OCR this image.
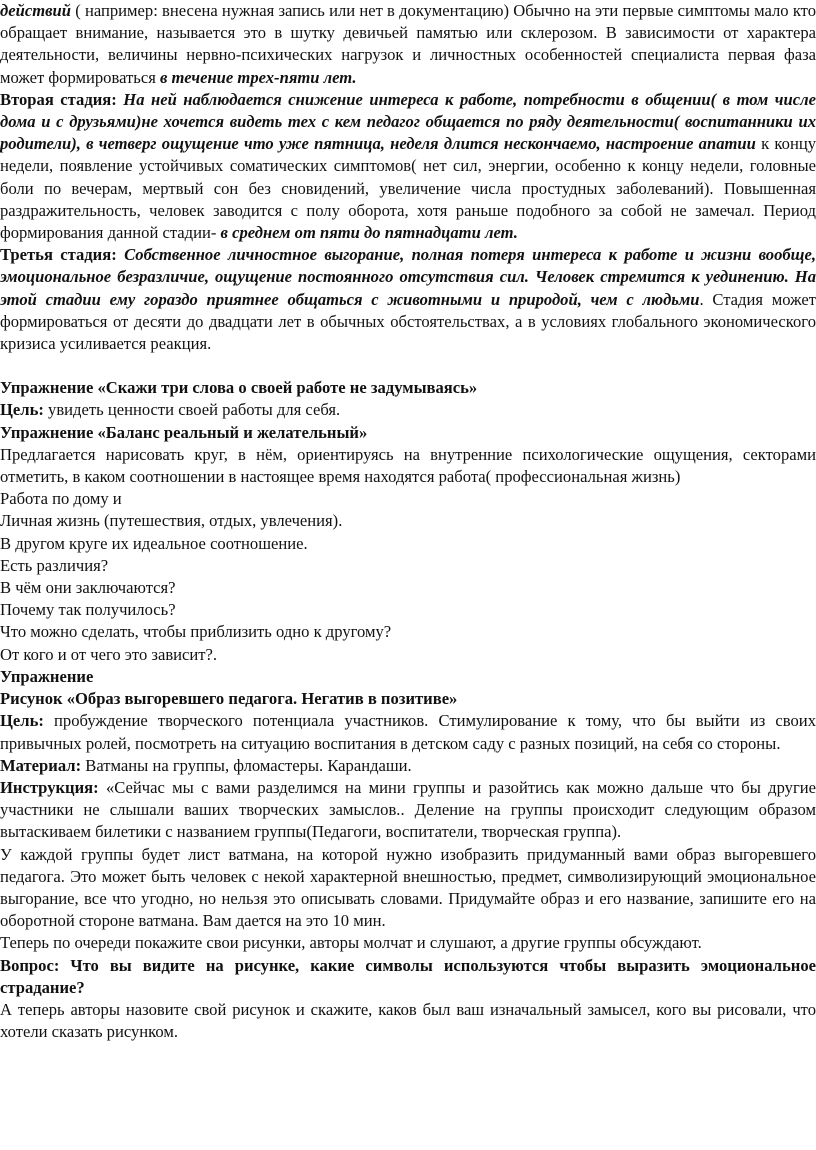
действий ( например: внесена нужная запись или нет в документацию) Обычно на эти первые симптомы мало кто обращает внимание, называется это в шутку девичьей памятью или склерозом. В зависимости от характера деятельности, величины нервно-психических нагрузок и личностных особенностей специалиста первая фаза может формироваться в течение трех-пяти лет.

Вторая стадия: На ней наблюдается снижение интереса к работе, потребности в общении( в том числе дома и с друзьями)не хочется видеть тех с кем педагог общается по ряду деятельности( воспитанники их родители), в четверг ощущение что уже пятница, неделя длится нескончаемо, настроение апатии к концу недели, появление устойчивых соматических симптомов( нет сил, энергии, особенно к концу недели, головные боли по вечерам, мертвый сон без сновидений, увеличение числа простудных заболеваний). Повышенная раздражительность, человек заводится с полу оборота, хотя раньше подобного за собой не замечал. Период формирования данной стадии- в среднем от пяти до пятнадцати лет.

Третья стадия: Собственное личностное выгорание, полная потеря интереса к работе и жизни вообще, эмоциональное безразличие, ощущение постоянного отсутствия сил. Человек стремится к уединению. На этой стадии ему гораздо приятнее общаться с животными и природой, чем с людьми. Стадия может формироваться от десяти до двадцати лет в обычных обстоятельствах, а в условиях глобального экономического кризиса усиливается реакция.

Упражнение «Скажи три слова о своей работе не задумываясь»

Цель: увидеть ценности своей работы для себя.

Упражнение «Баланс реальный и желательный»

Предлагается нарисовать круг, в нём, ориентируясь на внутренние психологические ощущения, секторами отметить, в каком соотношении в настоящее время находятся работа( профессиональная жизнь)

Работа по дому и

Личная жизнь (путешествия, отдых, увлечения).

В другом круге их идеальное соотношение.

Есть различия?

В чём они заключаются?

Почему так получилось?

Что можно сделать, чтобы приблизить одно к другому?

От кого и от чего это зависит?.

Упражнение

Рисунок «Образ выгоревшего педагога. Негатив в позитиве»

Цель: пробуждение творческого потенциала участников. Стимулирование к тому, что бы выйти из своих привычных ролей, посмотреть на ситуацию воспитания в детском саду с разных позиций, на себя со стороны.

Материал: Ватманы на группы, фломастеры. Карандаши.

Инструкция: «Сейчас мы с вами разделимся на мини группы и разойтись как можно дальше что бы другие участники не слышали ваших творческих замыслов.. Деление на группы происходит следующим образом вытаскиваем билетики с названием группы(Педагоги, воспитатели, творческая группа).

У каждой группы будет лист ватмана, на которой нужно изобразить придуманный вами образ выгоревшего педагога. Это может быть человек с некой характерной внешностью, предмет, символизирующий эмоциональное выгорание, все что угодно, но нельзя это описывать словами. Придумайте образ и его название, запишите его на оборотной стороне ватмана. Вам дается на это 10 мин.

Теперь по очереди покажите свои рисунки, авторы молчат и слушают, а другие группы обсуждают.

Вопрос: Что вы видите на рисунке, какие символы используются чтобы выразить эмоциональное страдание?

А теперь авторы назовите свой рисунок и скажите, каков был ваш изначальный замысел, кого вы рисовали, что хотели сказать рисунком.
